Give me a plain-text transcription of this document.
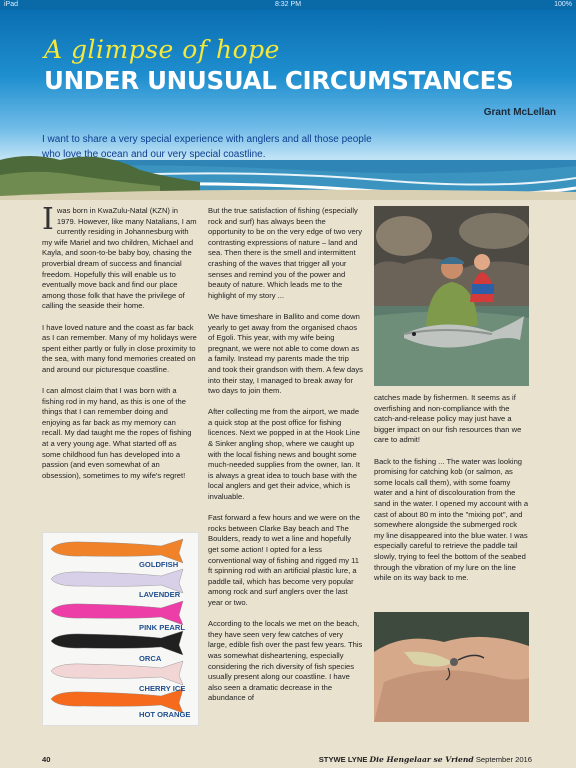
iPad	8:32 PM	100%
A glimpse of hope
UNDER UNUSUAL CIRCUMSTANCES
Grant McLellan
I want to share a very special experience with anglers and all those people who love the ocean and our very special coastline.

Iwas born in KwaZulu-Natal (KZN) in 1979. However, like many Natalians, I am currently residing in Johannesburg with my wife Mariel and two children, Michael and Kayla, and soon-to-be baby boy, chasing the proverbial dream of success and financial freedom. Hopefully this will enable us to eventually move back and find our place among those folk that have the privilege of calling the seaside their home.

I have loved nature and the coast as far back as I can remember. Many of my holidays were spent either partly or fully in close proximity to the sea, with many fond memories created on and around our picturesque coastline.

I can almost claim that I was born with a fishing rod in my hand, as this is one of the things that I can remember doing and enjoying as far back as my memory can recall. My dad taught me the ropes of fishing at a very young age. What started off as some childhood fun has developed into a passion (and even somewhat of an obsession), sometimes to my wife's regret!

GOLDFISH
LAVENDER
PINK PEARL
ORCA
CHERRY ICE
HOT ORANGE

But the true satisfaction of fishing (especially rock and surf) has always been the opportunity to be on the very edge of two very contrasting expressions of nature – land and sea. Then there is the smell and intermittent crashing of the waves that trigger all your senses and remind you of the power and beauty of nature. Which leads me to the highlight of my story ...

We have timeshare in Ballito and come down yearly to get away from the organised chaos of Egoli. This year, with my wife being pregnant, we were not able to come down as a family. Instead my parents made the trip and took their grandson with them. A few days into their stay, I managed to break away for two days to join them.

After collecting me from the airport, we made a quick stop at the post office for fishing licences. Next we popped in at the Hook Line & Sinker angling shop, where we caught up with the local fishing news and bought some much-needed supplies from the owner, Ian. It is always a great idea to touch base with the local anglers and get their advice, which is invaluable.

Fast forward a few hours and we were on the rocks between Clarke Bay beach and The Boulders, ready to wet a line and hopefully get some action! I opted for a less conventional way of fishing and rigged my 11 ft spinning rod with an artificial plastic lure, a paddle tail, which has become very popular among rock and surf anglers over the last year or two.

According to the locals we met on the beach, they have seen very few catches of very large, edible fish over the past few years. This was somewhat disheartening, especially considering the rich diversity of fish species usually present along our coastline. I have also seen a dramatic decrease in the abundance of

catches made by fishermen. It seems as if overfishing and non-compliance with the catch-and-release policy may just have a bigger impact on our fish resources than we care to admit!

Back to the fishing ... The water was looking promising for catching kob (or salmon, as some locals call them), with some foamy water and a hint of discolouration from the sand in the water. I opened my account with a cast of about 80 m into the "mixing pot", and somewhere alongside the submerged rock my line disappeared into the blue water. I was especially careful to retrieve the paddle tail slowly, trying to feel the bottom of the seabed through the vibration of my lure on the line while on its way back to me.

40	STYWE LYNE Die Hengelaar se Vriend September 2016
